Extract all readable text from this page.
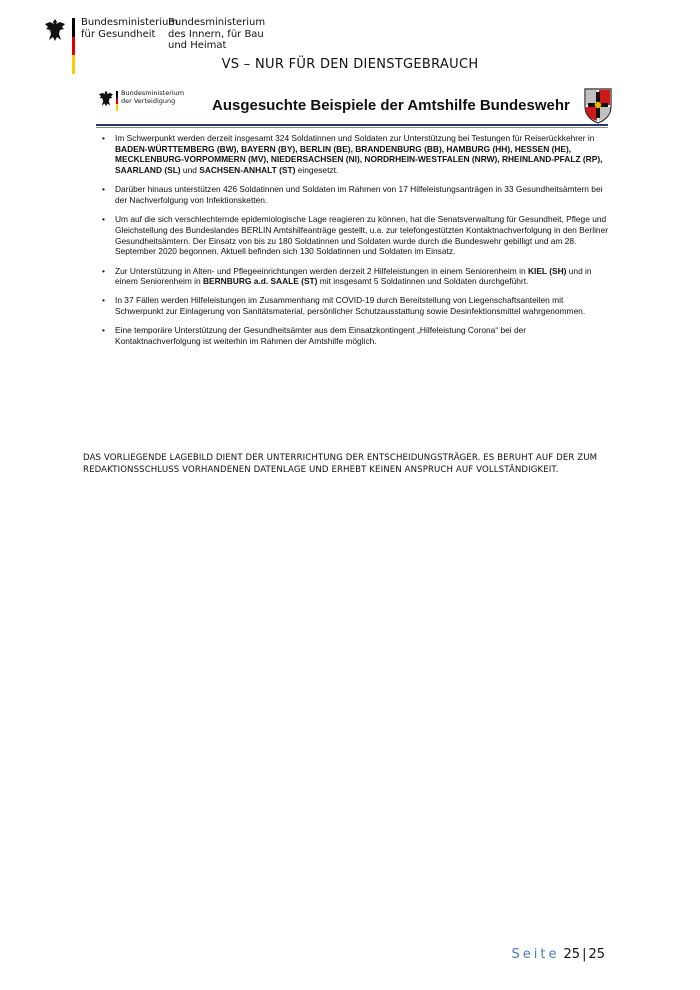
Bundesministerium
für Gesundheit
Bundesministerium
des Innern, für Bau
und Heimat
VS – NUR FÜR DEN DIENSTGEBRAUCH
Bundesministerium
der Verteidigung	Ausgesuchte Beispiele der Amtshilfe Bundeswehr
• Im Schwerpunkt werden derzeit insgesamt 324 Soldatinnen und Soldaten zur Unterstützung bei Testungen für Reiserückkehrer in BADEN-WÜRTTEMBERG (BW), BAYERN (BY), BERLIN (BE), BRANDENBURG (BB), HAMBURG (HH), HESSEN (HE), MECKLENBURG-VORPOMMERN (MV), NIEDERSACHSEN (NI), NORDRHEIN-WESTFALEN (NRW), RHEINLAND-PFALZ (RP), SAARLAND (SL) und SACHSEN-ANHALT (ST) eingesetzt.
• Darüber hinaus unterstützen 426 Soldatinnen und Soldaten im Rahmen von 17 Hilfeleistungsanträgen in 33 Gesundheitsämtern bei der Nachverfolgung von Infektionsketten.
• Um auf die sich verschlechternde epidemiologische Lage reagieren zu können, hat die Senatsverwaltung für Gesundheit, Pflege und Gleichstellung des Bundeslandes BERLIN Amtshilfeanträge gestellt, u.a. zur telefongestützten Kontaktnachverfolgung in den Berliner Gesundheitsämtern. Der Einsatz von bis zu 180 Soldatinnen und Soldaten wurde durch die Bundeswehr gebilligt und am 28. September 2020 begonnen. Aktuell befinden sich 130 Soldatinnen und Soldaten im Einsatz.
• Zur Unterstützung in Alten- und Pflegeeinrichtungen werden derzeit 2 Hilfeleistungen in einem Seniorenheim in KIEL (SH) und in einem Seniorenheim in BERNBURG a.d. SAALE (ST) mit insgesamt 5 Soldatinnen und Soldaten durchgeführt.
• In 37 Fällen werden Hilfeleistungen im Zusammenhang mit COVID-19 durch Bereitstellung von Liegenschaftsanteilen mit Schwerpunkt zur Einlagerung von Sanitätsmaterial, persönlicher Schutzausstattung sowie Desinfektionsmittel wahrgenommen.
• Eine temporäre Unterstützung der Gesundheitsämter aus dem Einsatzkontingent „Hilfeleistung Corona“ bei der Kontaktnachverfolgung ist weiterhin im Rahmen der Amtshilfe möglich.
DAS VORLIEGENDE LAGEBILD DIENT DER UNTERRICHTUNG DER ENTSCHEIDUNGSTRÄGER. ES BERUHT AUF DER ZUM REDAKTIONSSCHLUSS VORHANDENEN DATENLAGE UND ERHEBT KEINEN ANSPRUCH AUF VOLLSTÄNDIGKEIT.
Seite 25 | 25
